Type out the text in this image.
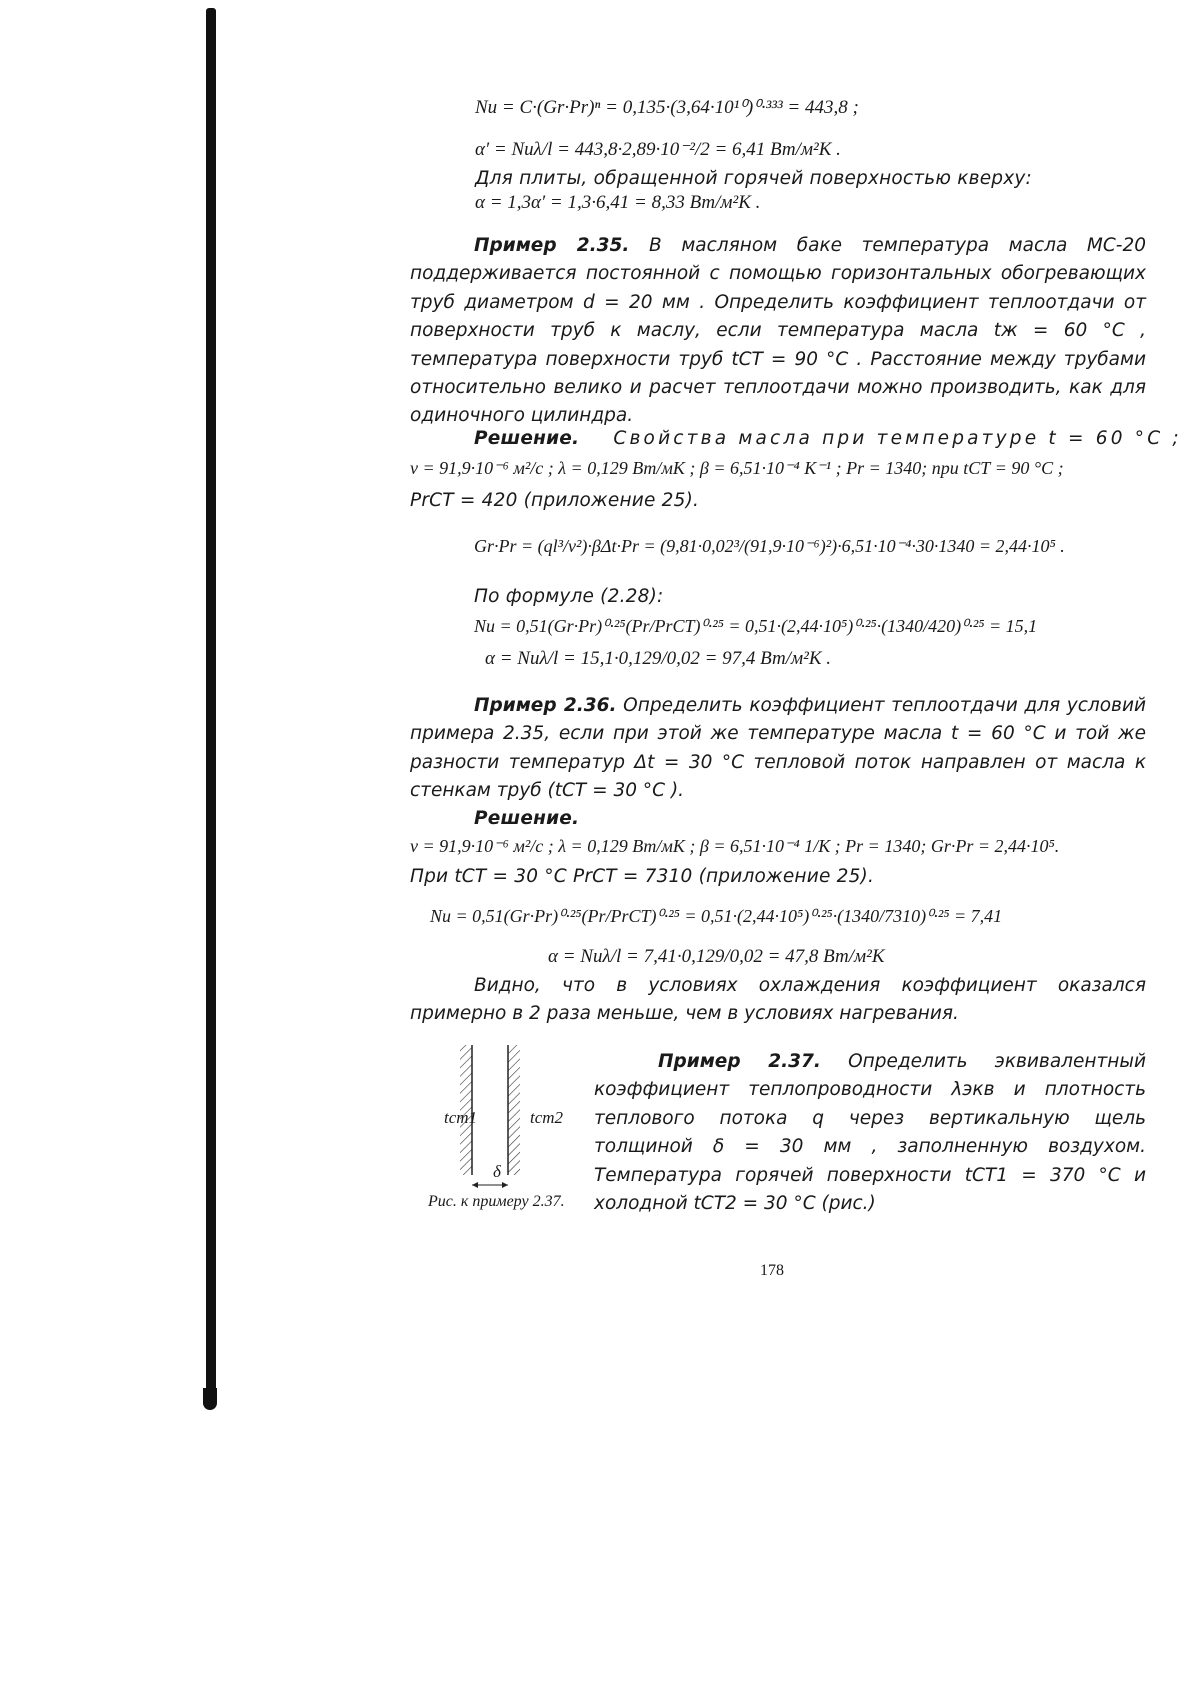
Nu = C·(Gr·Pr)ⁿ = 0,135·(3,64·10¹⁰)⁰·³³³ = 443,8 ;
α′ = Nuλ/l = 443,8·2,89·10⁻²/2 = 6,41 Вт/м²К .
Для плиты, обращенной горячей поверхностью кверху:
α = 1,3α′ = 1,3·6,41 = 8,33 Вт/м²К .
Пример 2.35. В масляном баке температура масла МС-20 поддерживается постоянной с помощью горизонтальных обогревающих труб диаметром d = 20 мм . Определить коэффициент теплоотдачи от поверхности труб к маслу, если температура масла tж = 60 °C , температура поверхности труб tСТ = 90 °C . Расстояние между трубами относительно велико и расчет теплоотдачи можно производить, как для одиночного цилиндра.
Решение. Свойства масла при температуре t = 60 °C ;
ν = 91,9·10⁻⁶ м²/с ; λ = 0,129 Вт/мК ; β = 6,51·10⁻⁴ К⁻¹ ; Pr = 1340; при tСТ = 90 °C ;
PrСТ = 420 (приложение 25).
Gr·Pr = (ql³/ν²)·βΔt·Pr = (9,81·0,02³/(91,9·10⁻⁶)²)·6,51·10⁻⁴·30·1340 = 2,44·10⁵ .
По формуле (2.28):
Nu = 0,51(Gr·Pr)⁰·²⁵(Pr/PrСТ)⁰·²⁵ = 0,51·(2,44·10⁵)⁰·²⁵·(1340/420)⁰·²⁵ = 15,1
α = Nuλ/l = 15,1·0,129/0,02 = 97,4 Вт/м²К .
Пример 2.36. Определить коэффициент теплоотдачи для условий примера 2.35, если при этой же температуре масла t = 60 °C и той же разности температур Δt = 30 °C тепловой поток направлен от масла к стенкам труб (tСТ = 30 °C ).
Решение.
ν = 91,9·10⁻⁶ м²/с ; λ = 0,129 Вт/мК ; β = 6,51·10⁻⁴ 1/К ; Pr = 1340; Gr·Pr = 2,44·10⁵.
При tСТ = 30 °C PrСТ = 7310 (приложение 25).
Nu = 0,51(Gr·Pr)⁰·²⁵(Pr/PrСТ)⁰·²⁵ = 0,51·(2,44·10⁵)⁰·²⁵·(1340/7310)⁰·²⁵ = 7,41
α = Nuλ/l = 7,41·0,129/0,02 = 47,8 Вт/м²К
Видно, что в условиях охлаждения коэффициент оказался примерно в 2 раза меньше, чем в условиях нагревания.
tст1	tст2
δ
Рис. к примеру 2.37.
Пример 2.37. Определить эквивалентный коэффициент теплопроводности λэкв и плотность теплового потока q через вертикальную щель толщиной δ = 30 мм , заполненную воздухом. Температура горячей поверхности tСТ1 = 370 °C и холодной tСТ2 = 30 °C (рис.)
178
